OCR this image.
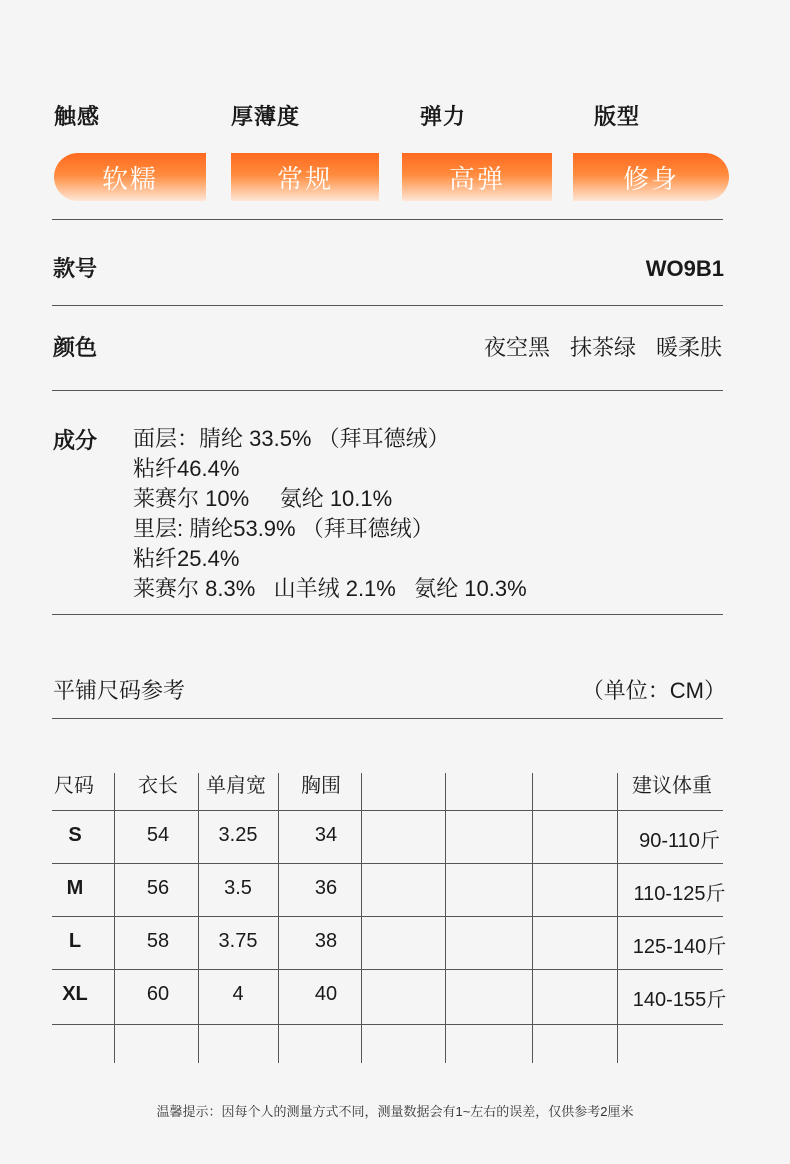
触感	厚薄度	弹力	版型
软糯	常规	高弹	修身
款号	WO9B1
颜色	夜空黑 抹茶绿 暖柔肤
成分 面层：腈纶 33.5% （拜耳德绒）
粘纤46.4%
莱赛尔 10%     氨纶 10.1%
里层: 腈纶53.9% （拜耳德绒）
粘纤25.4%
莱赛尔 8.3%   山羊绒 2.1%   氨纶 10.3%
平铺尺码参考	（单位：CM）
尺码 衣长 单肩宽 胸围	建议体重
S	54	3.25	34	90-110斤
M	56	3.5	36	110-125斤
L	58	3.75	38	125-140斤
XL	60	4	40	140-155斤
温馨提示：因每个人的测量方式不同，测量数据会有1~左右的误差，仅供参考2厘米
